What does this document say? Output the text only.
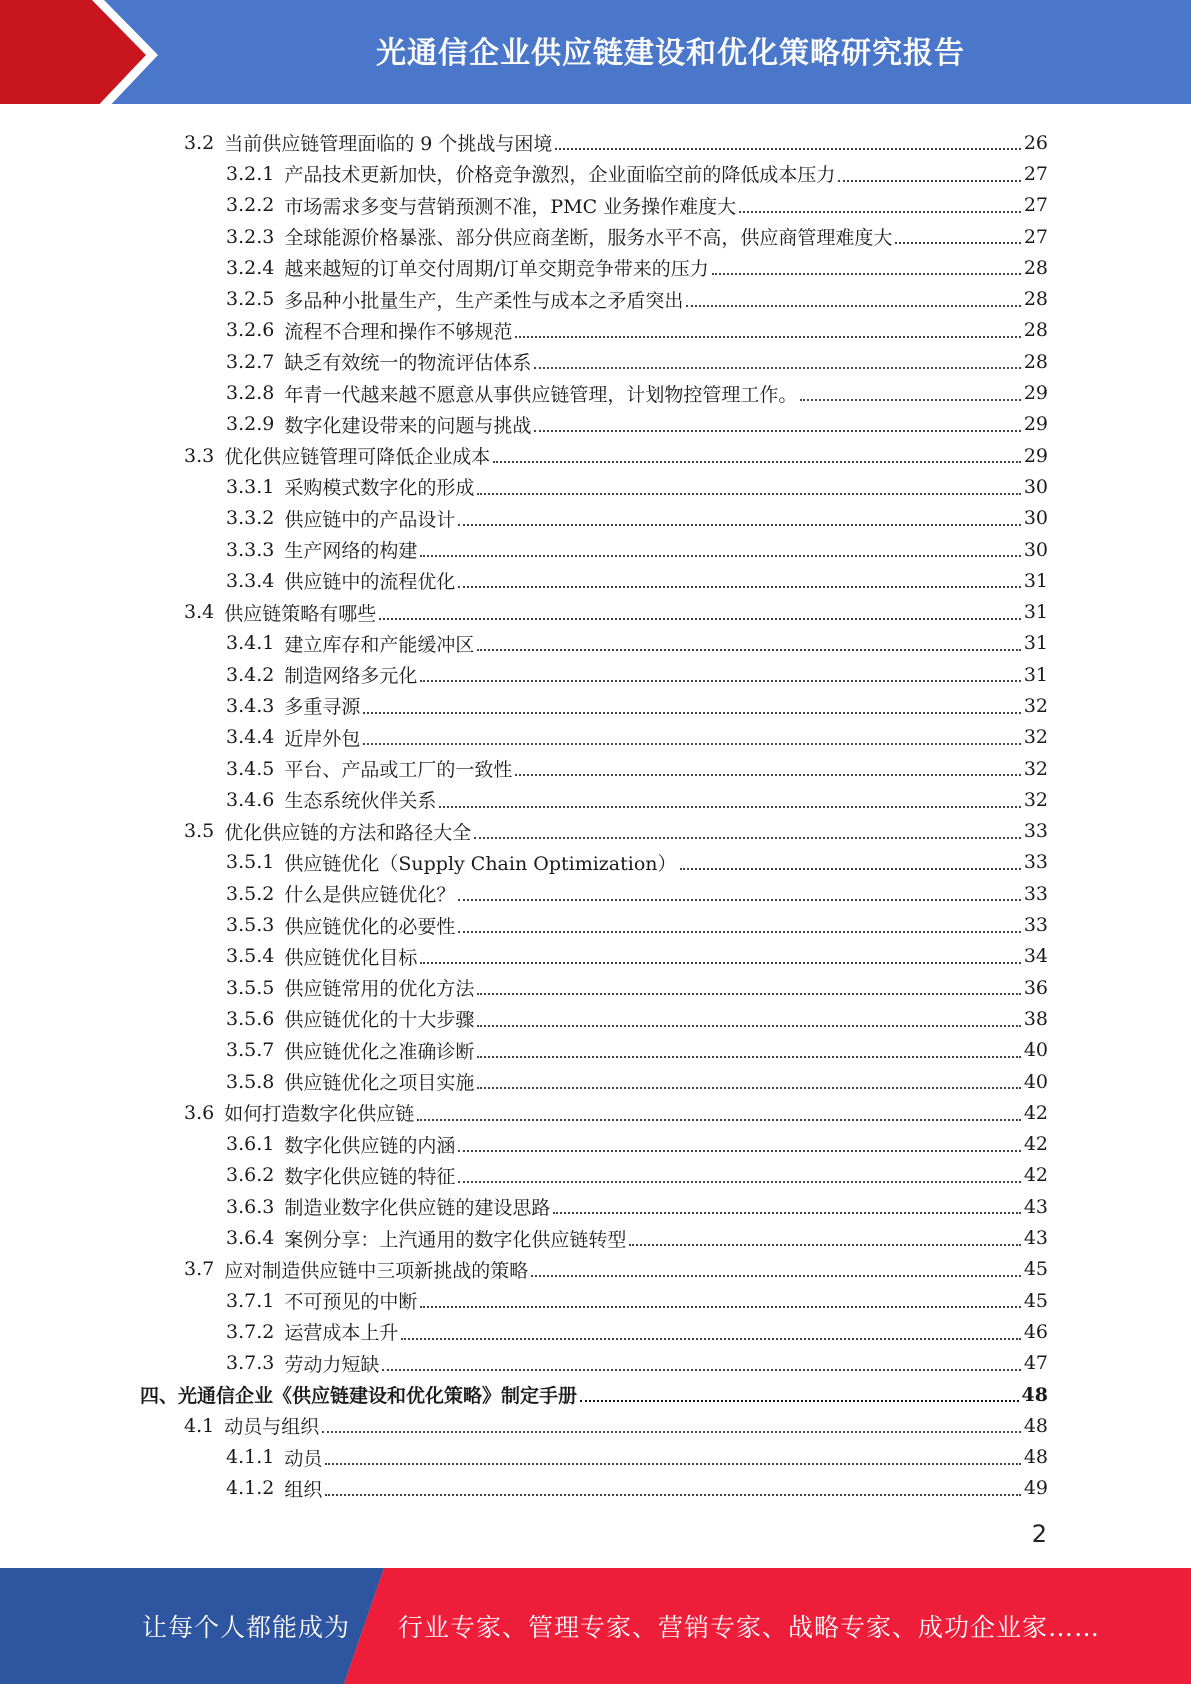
光通信企业供应链建设和优化策略研究报告
3.2 当前供应链管理面临的 9 个挑战与困境	26
3.2.1 产品技术更新加快，价格竞争激烈，企业面临空前的降低成本压力	27
3.2.2 市场需求多变与营销预测不准，PMC 业务操作难度大	27
3.2.3 全球能源价格暴涨、部分供应商垄断，服务水平不高，供应商管理难度大	27
3.2.4 越来越短的订单交付周期/订单交期竞争带来的压力	28
3.2.5 多品种小批量生产，生产柔性与成本之矛盾突出	28
3.2.6 流程不合理和操作不够规范	28
3.2.7 缺乏有效统一的物流评估体系	28
3.2.8 年青一代越来越不愿意从事供应链管理，计划物控管理工作。	29
3.2.9 数字化建设带来的问题与挑战	29
3.3 优化供应链管理可降低企业成本	29
3.3.1 采购模式数字化的形成	30
3.3.2 供应链中的产品设计	30
3.3.3 生产网络的构建	30
3.3.4 供应链中的流程优化	31
3.4 供应链策略有哪些	31
3.4.1 建立库存和产能缓冲区	31
3.4.2 制造网络多元化	31
3.4.3 多重寻源	32
3.4.4 近岸外包	32
3.4.5 平台、产品或工厂的一致性	32
3.4.6 生态系统伙伴关系	32
3.5 优化供应链的方法和路径大全	33
3.5.1 供应链优化（Supply Chain Optimization）	33
3.5.2 什么是供应链优化？	33
3.5.3 供应链优化的必要性	33
3.5.4 供应链优化目标	34
3.5.5 供应链常用的优化方法	36
3.5.6 供应链优化的十大步骤	38
3.5.7 供应链优化之准确诊断	40
3.5.8 供应链优化之项目实施	40
3.6 如何打造数字化供应链	42
3.6.1 数字化供应链的内涵	42
3.6.2 数字化供应链的特征	42
3.6.3 制造业数字化供应链的建设思路	43
3.6.4 案例分享：上汽通用的数字化供应链转型	43
3.7 应对制造供应链中三项新挑战的策略	45
3.7.1 不可预见的中断	45
3.7.2 运营成本上升	46
3.7.3 劳动力短缺	47
四、光通信企业《供应链建设和优化策略》制定手册	48
4.1 动员与组织	48
4.1.1 动员	48
4.1.2 组织	49
2
让每个人都能成为 行业专家、管理专家、营销专家、战略专家、成功企业家……
